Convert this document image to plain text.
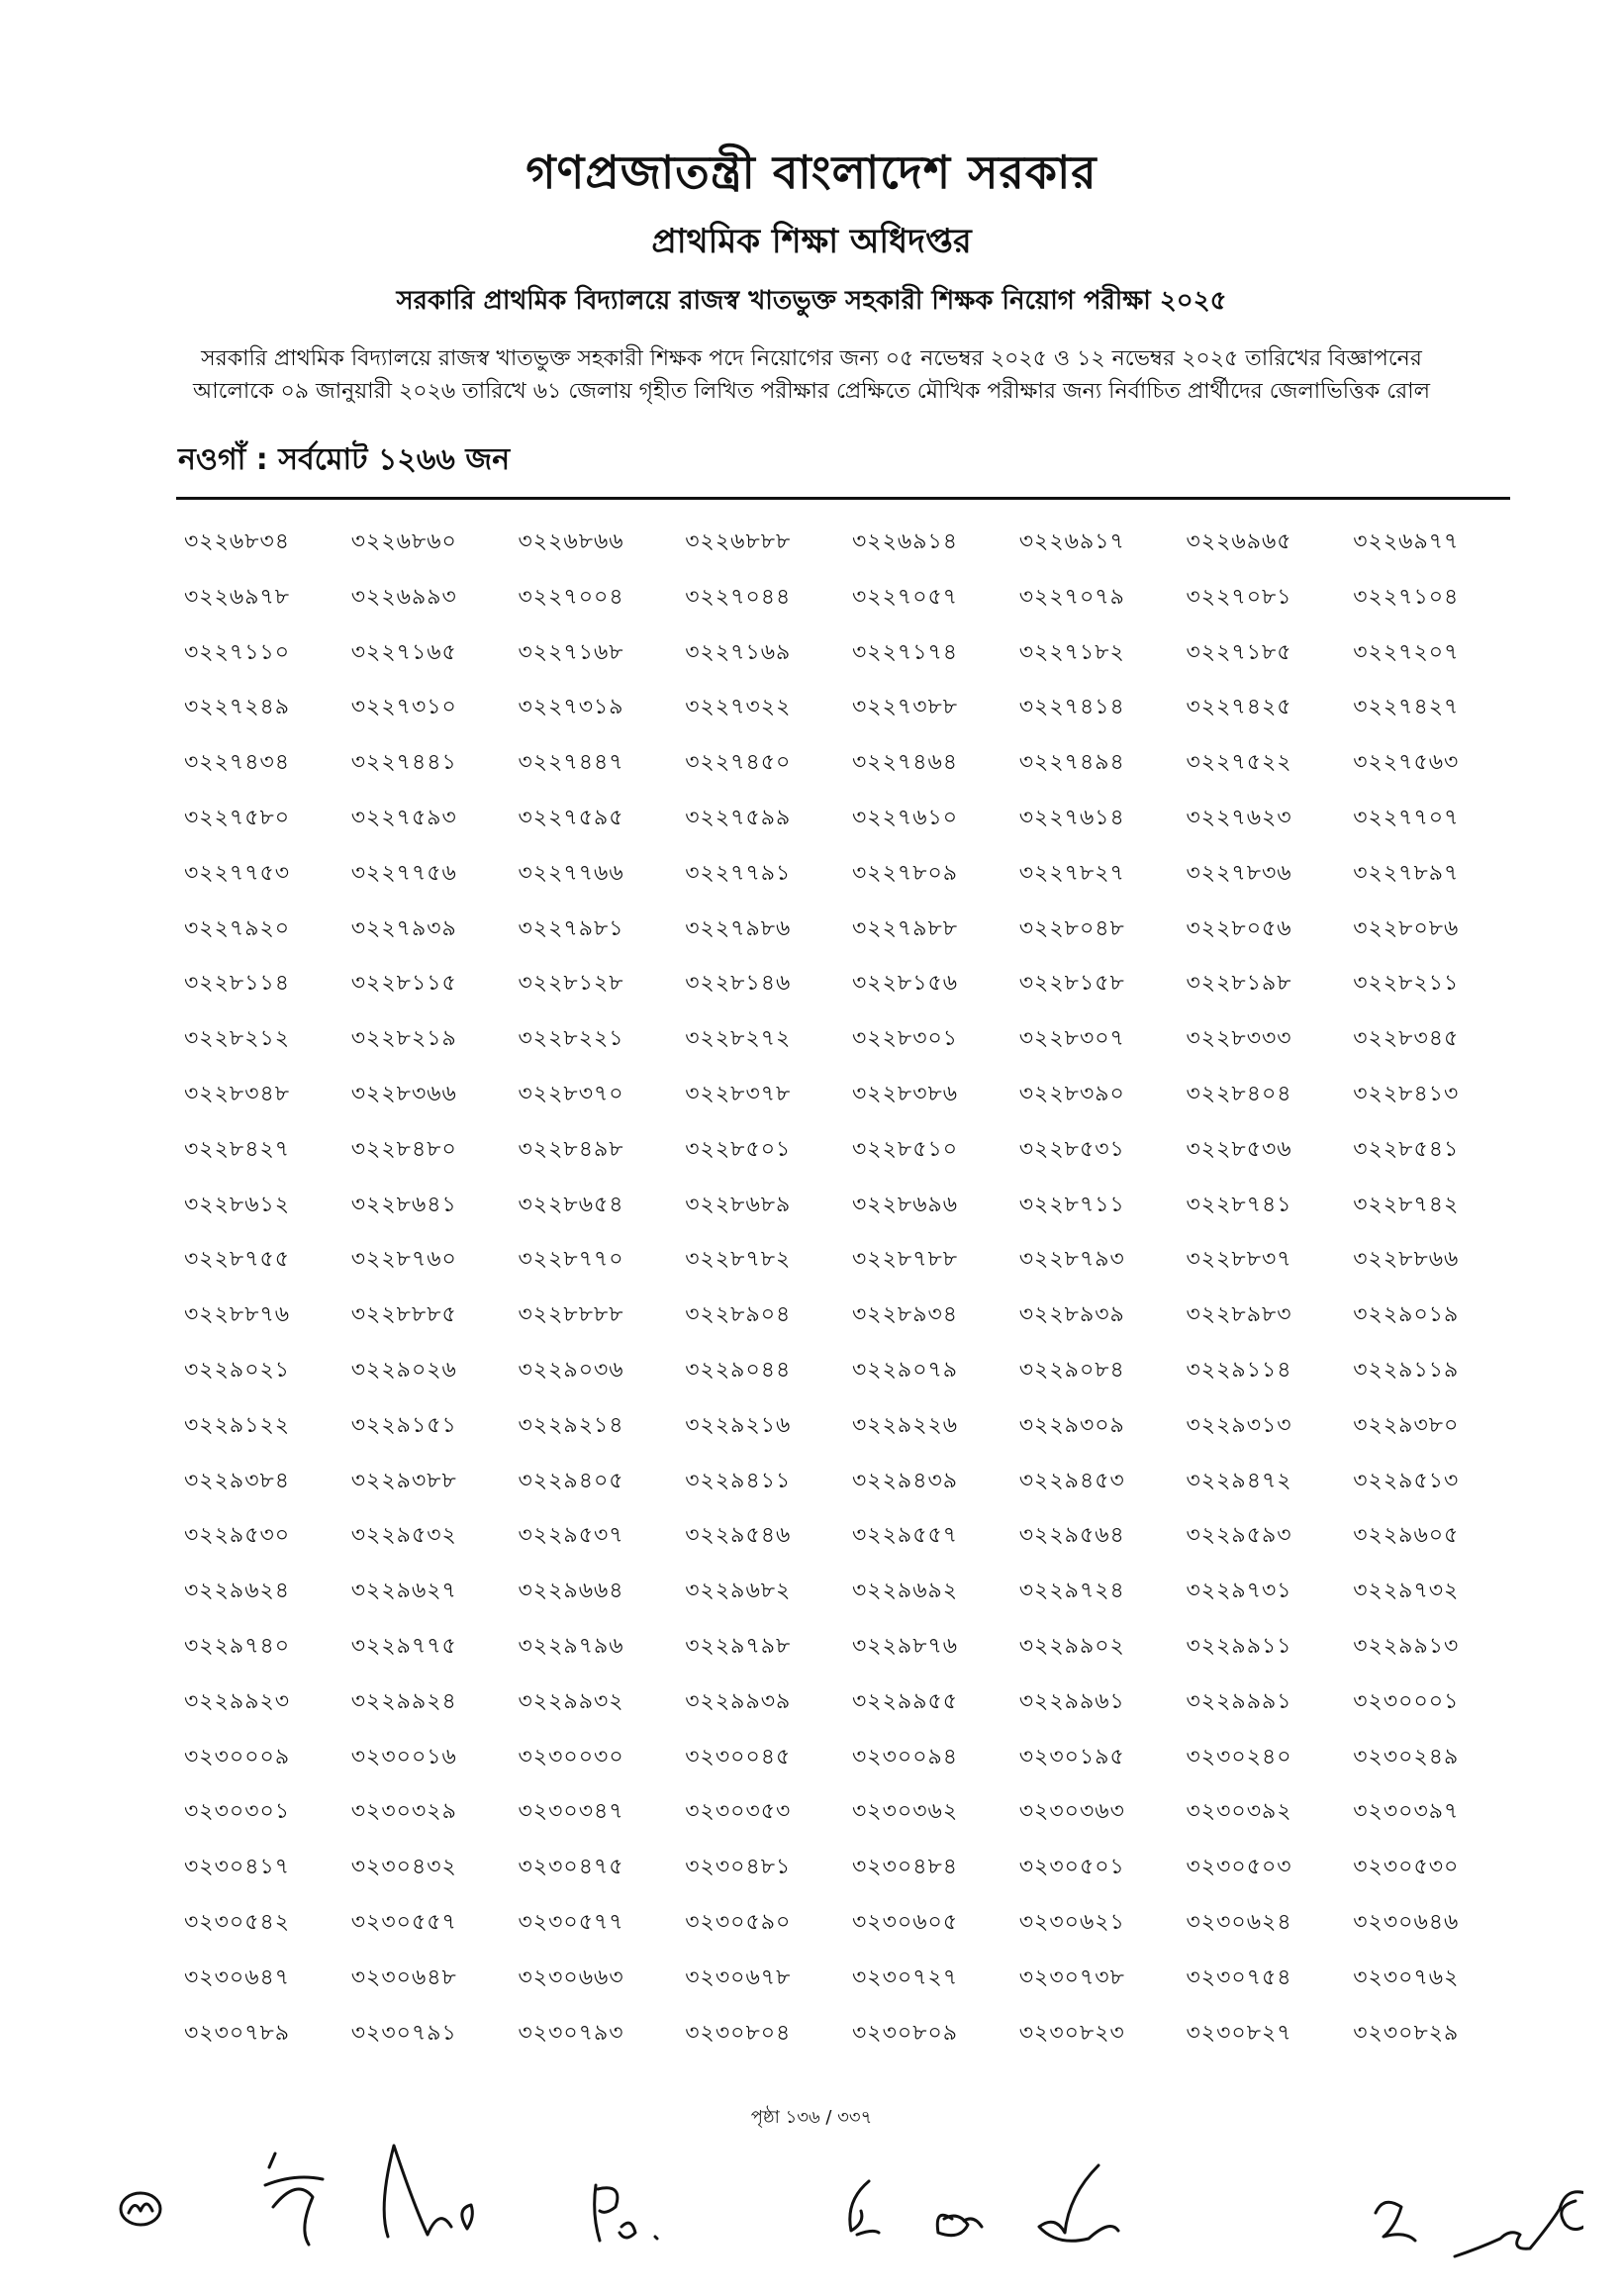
গণপ্রজাতন্ত্রী বাংলাদেশ সরকার
প্রাথমিক শিক্ষা অধিদপ্তর
সরকারি প্রাথমিক বিদ্যালয়ে রাজস্ব খাতভুক্ত সহকারী শিক্ষক নিয়োগ পরীক্ষা ২০২৫
সরকারি প্রাথমিক বিদ্যালয়ে রাজস্ব খাতভুক্ত সহকারী শিক্ষক পদে নিয়োগের জন্য ০৫ নভেম্বর ২০২৫ ও ১২ নভেম্বর ২০২৫ তারিখের বিজ্ঞাপনের
আলোকে ০৯ জানুয়ারী ২০২৬ তারিখে ৬১ জেলায় গৃহীত লিখিত পরীক্ষার প্রেক্ষিতে মৌখিক পরীক্ষার জন্য নির্বাচিত প্রার্থীদের জেলাভিত্তিক রোল
নওগাঁ : সর্বমোট ১২৬৬ জন
৩২২৬৮৩৪	৩২২৬৮৬০	৩২২৬৮৬৬	৩২২৬৮৮৮	৩২২৬৯১৪	৩২২৬৯১৭	৩২২৬৯৬৫	৩২২৬৯৭৭
৩২২৬৯৭৮	৩২২৬৯৯৩	৩২২৭০০৪	৩২২৭০৪৪	৩২২৭০৫৭	৩২২৭০৭৯	৩২২৭০৮১	৩২২৭১০৪
৩২২৭১১০	৩২২৭১৬৫	৩২২৭১৬৮	৩২২৭১৬৯	৩২২৭১৭৪	৩২২৭১৮২	৩২২৭১৮৫	৩২২৭২০৭
৩২২৭২৪৯	৩২২৭৩১০	৩২২৭৩১৯	৩২২৭৩২২	৩২২৭৩৮৮	৩২২৭৪১৪	৩২২৭৪২৫	৩২২৭৪২৭
৩২২৭৪৩৪	৩২২৭৪৪১	৩২২৭৪৪৭	৩২২৭৪৫০	৩২২৭৪৬৪	৩২২৭৪৯৪	৩২২৭৫২২	৩২২৭৫৬৩
৩২২৭৫৮০	৩২২৭৫৯৩	৩২২৭৫৯৫	৩২২৭৫৯৯	৩২২৭৬১০	৩২২৭৬১৪	৩২২৭৬২৩	৩২২৭৭০৭
৩২২৭৭৫৩	৩২২৭৭৫৬	৩২২৭৭৬৬	৩২২৭৭৯১	৩২২৭৮০৯	৩২২৭৮২৭	৩২২৭৮৩৬	৩২২৭৮৯৭
৩২২৭৯২০	৩২২৭৯৩৯	৩২২৭৯৮১	৩২২৭৯৮৬	৩২২৭৯৮৮	৩২২৮০৪৮	৩২২৮০৫৬	৩২২৮০৮৬
৩২২৮১১৪	৩২২৮১১৫	৩২২৮১২৮	৩২২৮১৪৬	৩২২৮১৫৬	৩২২৮১৫৮	৩২২৮১৯৮	৩২২৮২১১
৩২২৮২১২	৩২২৮২১৯	৩২২৮২২১	৩২২৮২৭২	৩২২৮৩০১	৩২২৮৩০৭	৩২২৮৩৩৩	৩২২৮৩৪৫
৩২২৮৩৪৮	৩২২৮৩৬৬	৩২২৮৩৭০	৩২২৮৩৭৮	৩২২৮৩৮৬	৩২২৮৩৯০	৩২২৮৪০৪	৩২২৮৪১৩
৩২২৮৪২৭	৩২২৮৪৮০	৩২২৮৪৯৮	৩২২৮৫০১	৩২২৮৫১০	৩২২৮৫৩১	৩২২৮৫৩৬	৩২২৮৫৪১
৩২২৮৬১২	৩২২৮৬৪১	৩২২৮৬৫৪	৩২২৮৬৮৯	৩২২৮৬৯৬	৩২২৮৭১১	৩২২৮৭৪১	৩২২৮৭৪২
৩২২৮৭৫৫	৩২২৮৭৬০	৩২২৮৭৭০	৩২২৮৭৮২	৩২২৮৭৮৮	৩২২৮৭৯৩	৩২২৮৮৩৭	৩২২৮৮৬৬
৩২২৮৮৭৬	৩২২৮৮৮৫	৩২২৮৮৮৮	৩২২৮৯০৪	৩২২৮৯৩৪	৩২২৮৯৩৯	৩২২৮৯৮৩	৩২২৯০১৯
৩২২৯০২১	৩২২৯০২৬	৩২২৯০৩৬	৩২২৯০৪৪	৩২২৯০৭৯	৩২২৯০৮৪	৩২২৯১১৪	৩২২৯১১৯
৩২২৯১২২	৩২২৯১৫১	৩২২৯২১৪	৩২২৯২১৬	৩২২৯২২৬	৩২২৯৩০৯	৩২২৯৩১৩	৩২২৯৩৮০
৩২২৯৩৮৪	৩২২৯৩৮৮	৩২২৯৪০৫	৩২২৯৪১১	৩২২৯৪৩৯	৩২২৯৪৫৩	৩২২৯৪৭২	৩২২৯৫১৩
৩২২৯৫৩০	৩২২৯৫৩২	৩২২৯৫৩৭	৩২২৯৫৪৬	৩২২৯৫৫৭	৩২২৯৫৬৪	৩২২৯৫৯৩	৩২২৯৬০৫
৩২২৯৬২৪	৩২২৯৬২৭	৩২২৯৬৬৪	৩২২৯৬৮২	৩২২৯৬৯২	৩২২৯৭২৪	৩২২৯৭৩১	৩২২৯৭৩২
৩২২৯৭৪০	৩২২৯৭৭৫	৩২২৯৭৯৬	৩২২৯৭৯৮	৩২২৯৮৭৬	৩২২৯৯০২	৩২২৯৯১১	৩২২৯৯১৩
৩২২৯৯২৩	৩২২৯৯২৪	৩২২৯৯৩২	৩২২৯৯৩৯	৩২২৯৯৫৫	৩২২৯৯৬১	৩২২৯৯৯১	৩২৩০০০১
৩২৩০০০৯	৩২৩০০১৬	৩২৩০০৩০	৩২৩০০৪৫	৩২৩০০৯৪	৩২৩০১৯৫	৩২৩০২৪০	৩২৩০২৪৯
৩২৩০৩০১	৩২৩০৩২৯	৩২৩০৩৪৭	৩২৩০৩৫৩	৩২৩০৩৬২	৩২৩০৩৬৩	৩২৩০৩৯২	৩২৩০৩৯৭
৩২৩০৪১৭	৩২৩০৪৩২	৩২৩০৪৭৫	৩২৩০৪৮১	৩২৩০৪৮৪	৩২৩০৫০১	৩২৩০৫০৩	৩২৩০৫৩০
৩২৩০৫৪২	৩২৩০৫৫৭	৩২৩০৫৭৭	৩২৩০৫৯০	৩২৩০৬০৫	৩২৩০৬২১	৩২৩০৬২৪	৩২৩০৬৪৬
৩২৩০৬৪৭	৩২৩০৬৪৮	৩২৩০৬৬৩	৩২৩০৬৭৮	৩২৩০৭২৭	৩২৩০৭৩৮	৩২৩০৭৫৪	৩২৩০৭৬২
৩২৩০৭৮৯	৩২৩০৭৯১	৩২৩০৭৯৩	৩২৩০৮০৪	৩২৩০৮০৯	৩২৩০৮২৩	৩২৩০৮২৭	৩২৩০৮২৯
পৃষ্ঠা ১৩৬ / ৩৩৭
